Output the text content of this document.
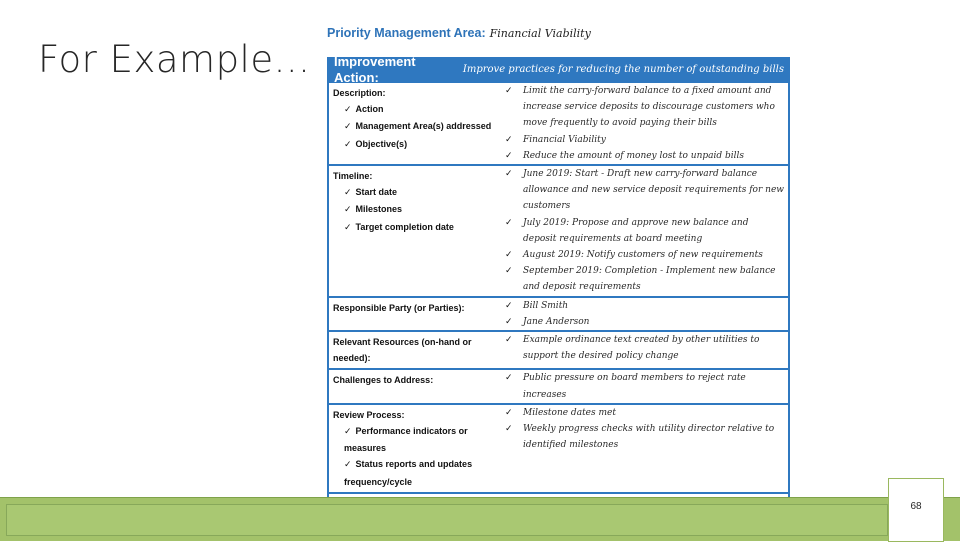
For Example...
Priority Management Area: Financial Viability
Improvement Action:
Improve practices for reducing the number of outstanding bills
Description:
✓ Action
✓ Management Area(s) addressed
✓ Objective(s)
✓ Limit the carry-forward balance to a fixed amount and increase service deposits to discourage customers who move frequently to avoid paying their bills
✓ Financial Viability
✓ Reduce the amount of money lost to unpaid bills
Timeline:
✓ Start date
✓ Milestones
✓ Target completion date
✓ June 2019: Start - Draft new carry-forward balance allowance and new service deposit requirements for new customers
✓ July 2019: Propose and approve new balance and deposit requirements at board meeting
✓ August 2019: Notify customers of new requirements
✓ September 2019: Completion - Implement new balance and deposit requirements
Responsible Party (or Parties):	✓ Bill Smith
✓ Jane Anderson
Relevant Resources (on-hand or needed):
✓ Example ordinance text created by other utilities to support the desired policy change
Challenges to Address:	✓ Public pressure on board members to reject rate increases
Review Process:
✓ Performance indicators or measures
✓ Status reports and updates frequency/cycle
✓ Milestone dates met
✓ Weekly progress checks with utility director relative to identified milestones
68
